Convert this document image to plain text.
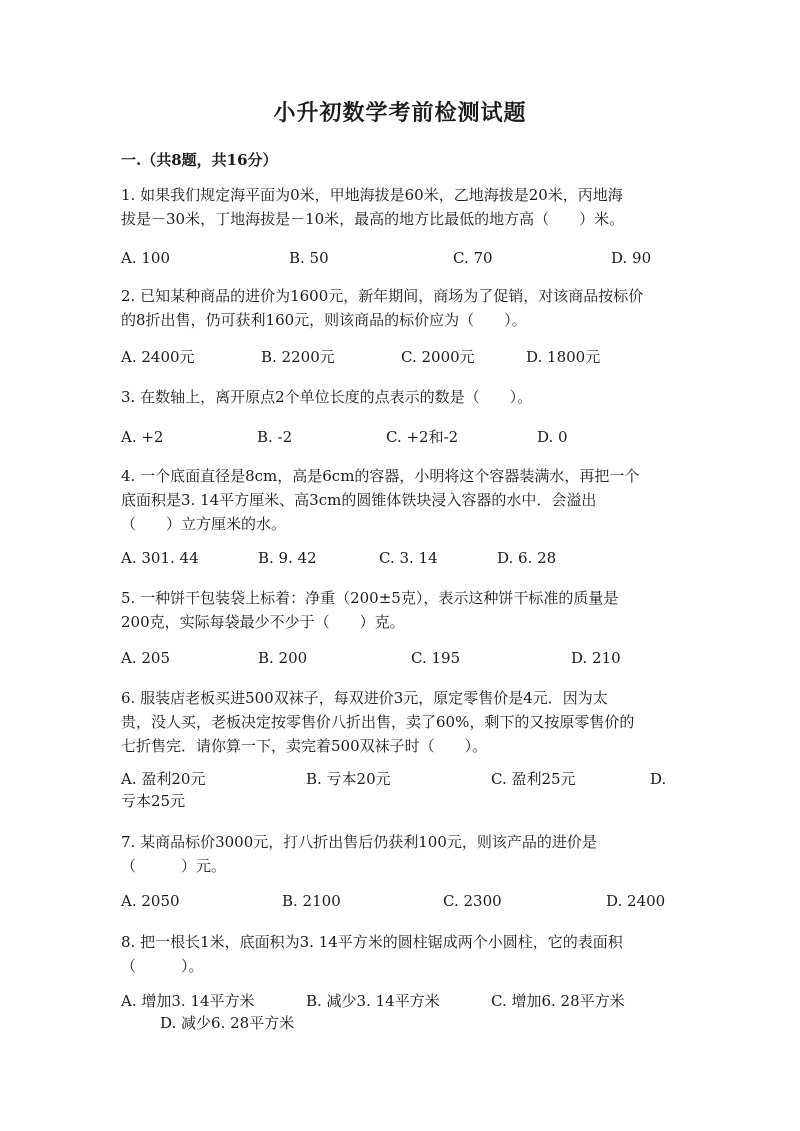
小升初数学考前检测试题
一.（共8题，共16分）
1. 如果我们规定海平面为0米，甲地海拔是60米，乙地海拔是20米，丙地海
拔是－30米，丁地海拔是－10米，最高的地方比最低的地方高（　　）米。
A. 100	B. 50	C. 70	D. 90
2. 已知某种商品的进价为1600元，新年期间，商场为了促销，对该商品按标价
的8折出售，仍可获利160元，则该商品的标价应为（　　）。
A. 2400元	B. 2200元	C. 2000元	D. 1800元
3. 在数轴上，离开原点2个单位长度的点表示的数是（　　）。
A. +2	B. -2	C. +2和-2	D. 0
4. 一个底面直径是8cm，高是6cm的容器，小明将这个容器装满水，再把一个
底面积是3. 14平方厘米、高3cm的圆锥体铁块浸入容器的水中．会溢出
（　　）立方厘米的水。
A. 301. 44	B. 9. 42	C. 3. 14	D. 6. 28
5. 一种饼干包装袋上标着：净重（200±5克），表示这种饼干标准的质量是
200克，实际每袋最少不少于（　　）克。
A. 205	B. 200	C. 195	D. 210
6. 服装店老板买进500双袜子，每双进价3元，原定零售价是4元．因为太
贵，没人买，老板决定按零售价八折出售，卖了60%，剩下的又按原零售价的
七折售完．请你算一下，卖完着500双袜子时（　　）。
A. 盈利20元	B. 亏本20元	C. 盈利25元	D.
亏本25元
7. 某商品标价3000元，打八折出售后仍获利100元，则该产品的进价是
（　　　）元。
A. 2050	B. 2100	C. 2300	D. 2400
8. 把一根长1米，底面积为3. 14平方米的圆柱锯成两个小圆柱，它的表面积
（　　　）。
A. 增加3. 14平方米	B. 减少3. 14平方米	C. 增加6. 28平方米
D. 减少6. 28平方米
